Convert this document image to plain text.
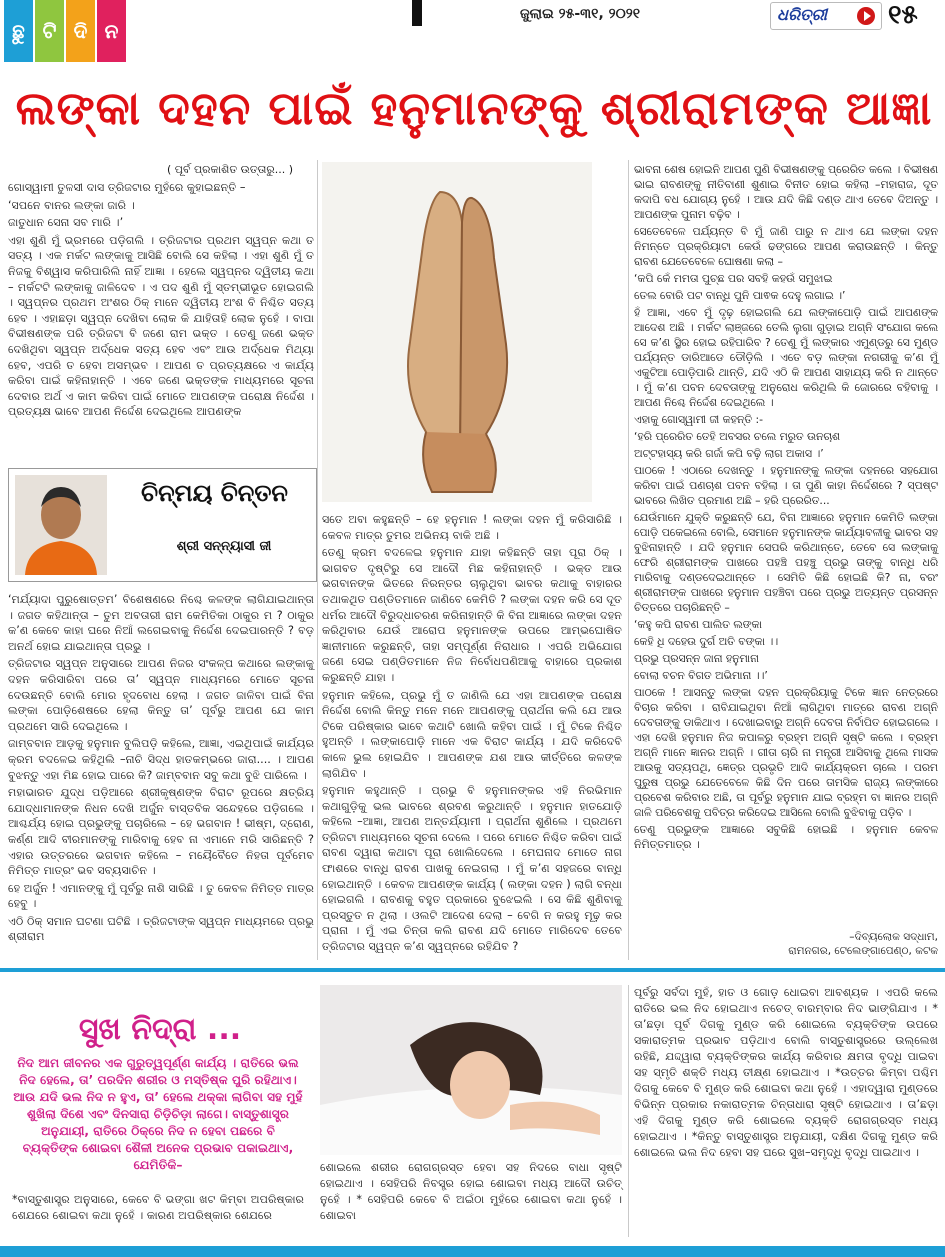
ଛୁ ଟି ଦି ନ
ଜୁଲାଇ ୨୫-୩୧, ୨୦୨୧	ଧରିତ୍ରୀ ୧୫
ଲଙ୍କା ଦହନ ପାଇଁ ହନୁମାନଙ୍କୁ ଶ୍ରୀରାମଙ୍କ ଆଜ୍ଞା
( ପୂର୍ବ ପ୍ରକାଶିତ ଉତ୍ତାରୁ... )

ଗୋସ୍ୱାମୀ ତୁଳସୀ ଦାସ ତ୍ରିଜଟାର ମୁହଁରେ କୁହାଇଛନ୍ତି –

‘ସପନେ ବାନର ଲଙ୍କା ଜାରି ।

ଜାତୁଧାନ ସେନା ସବ ମାରି ।’

ଏହା ଶୁଣି ମୁଁ ଭ୍ରମରେ ପଡ଼ିଗଲି । ତ୍ରିଜଟାର ପ୍ରଥମ ସ୍ୱପ୍ନ କଥା ତ ସତ୍ୟ । ଏକ ମର୍କଟ ଲଙ୍କାକୁ ଆସିଛି ବୋଲି ସେ କହିଲା । ଏହା ଶୁଣି ମୁଁ ତ ନିଜକୁ ବିଶ୍ୱାସ କରିପାରିଲି ନାହିଁ ଆଜ୍ଞା । ହେଲେ ସ୍ୱପ୍ନର ଦ୍ୱିତୀୟ କଥା – ମର୍କଟଟି ଲଙ୍କାକୁ ଜାଳିଦେବ । ଏ ପଦ ଶୁଣି ମୁଁ ସ୍ତମ୍ଭୀଭୂତ ହୋଇଗଲି । ସ୍ୱପ୍ନର ପ୍ରଥମ ଅଂଶର ଠିକ୍ ମାନେ ଦ୍ୱିତୀୟ ଅଂଶ ବି ନିଶ୍ଚିତ ସତ୍ୟ ହେବ । ଏହାଛଡ଼ା ସ୍ୱପ୍ନ ଦେଖିବା ଲୋକ କି ଯାହିତାହି ଲୋକ ନୁହେଁ । ବାପା ବିଭୀଷଣଙ୍କ ପରି ତ୍ରିଜଟା ବି ଜଣେ ରାମ ଭକ୍ତ । ତେଣୁ ଜଣେ ଭକ୍ତ ଦେଖିଥିବା ସ୍ୱପ୍ନ ଅର୍ଦ୍ଧେକ ସତ୍ୟ ହେବ ଏବଂ ଆଉ ଅର୍ଦ୍ଧେକ ମିଥ୍ୟା ହେବ, ଏପରି ତ ହେବା ଅସମ୍ଭବ । ଆପଣ ତ ପ୍ରତ୍ୟକ୍ଷରେ ଏ କାର୍ଯ୍ୟ କରିବା ପାଇଁ କହିନାହାନ୍ତି । ଏବେ ଜଣେ ଭକ୍ତଙ୍କ ମାଧ୍ୟମରେ ସୂଚନା ଦେବାର ଅର୍ଥ ଏ କାମ କରିବା ପାଇଁ ମୋତେ ଆପଣଙ୍କ ପରୋକ୍ଷ ନିର୍ଦ୍ଦେଶ । ପ୍ରତ୍ୟକ୍ଷ ଭାବେ ଆପଣ ନିର୍ଦ୍ଦେଶ ଦେଇଥିଲେ ଆପଣଙ୍କ

ଚିନ୍ମୟ ଚିନ୍ତନ
ଶ୍ରୀ ସନ୍ନ୍ୟାସୀ ଜୀ

‘ମର୍ଯ୍ୟାଦା ପୁରୁଷୋତ୍ତମ’ ବିଶେଷଣରେ ନିଶ୍ଚେ କଳଙ୍କ ଲାଗିଯାଇଥାନ୍ତା । ଜଗତ କହିଥାନ୍ତା – ତୁମ ଅବତାରୀ ରାମ କେମିତିକା ଠାକୁର ମ ? ଠାକୁର କ’ଣ କେବେ କାହା ଘରେ ନିଆଁ ଲଗେଇବାକୁ ନିର୍ଦ୍ଦେଶ ଦେଇପାରନ୍ତି ? ବଡ଼ ଅନର୍ଥ ହୋଇ ଯାଇଥାନ୍ତା ପ୍ରଭୁ ।

ତ୍ରିଜଟାର ସ୍ୱପ୍ନ ଅନୁସାରେ ଆପଣ ନିଜର ସଂକଳ୍ପ କଥାରେ ଲଙ୍କାକୁ ଦହନ କରିସାରିବା ପରେ ତା’ ସ୍ୱପ୍ନ ମାଧ୍ୟମରେ ମୋତେ ସୂଚନା ଦେଉଛନ୍ତି ବୋଲି ମୋର ହୃଦବୋଧ ହେଲା । ଜଗତ ଜାଳିବା ପାଇଁ ବିନା ଲଙ୍କା ପୋଡ଼ିଶେଷରେ ହେଲା କିନ୍ତୁ ତା’ ପୂର୍ବରୁ ଆପଣ ଯେ କାମ ପ୍ରଥମେ ସାରି ଦେଇଥିଲେ ।

ଜାମ୍ବବାନ ଆଡ଼କୁ ହନୁମାନ ବୁଲିପଡ଼ି କହିଲେ, ଆଜ୍ଞା, ଏଇଥିପାଇଁ କାର୍ଯ୍ୟର କ୍ରମ ବଦଳେଇ କହିଥିଲି –ନାଚି ସିଦ୍ଧ ହାତକମ୍ଭରେ ଜାରା.... । ଆପଣ ବୁଝନ୍ତୁ ଏହା ମିଛ ହୋଇ ପାରେ କି? ଜାମ୍ବବାନ ସବୁ କଥା ବୁଝି ପାରିଲେ ।

ମହାଭାରତ ଯୁଦ୍ଧ ପଡ଼ିଆରେ ଶ୍ରୀକୃଷ୍ଣଙ୍କ ବିରାଟ ରୂପରେ କ୍ଷତ୍ରିୟ ଯୋଦ୍ଧାମାନଙ୍କ ନିଧନ ଦେଖି ଅର୍ଜୁନ ବାସ୍ତବିକ ସନ୍ଦେହରେ ପଡ଼ିଗଲେ । ଆଶ୍ଚର୍ଯ୍ୟ ହୋଇ ପ୍ରଭୁଙ୍କୁ ପଚାରିଲେ – ହେ ଭଗବାନ ! ଭୀଷ୍ମ, ଦ୍ରୋଣ, କର୍ଣ୍ଣ ଆଦି ବୀରମାନଙ୍କୁ ମାରିବାକୁ ହେବ ନା ଏମାନେ ମରି ସାରିଛନ୍ତି ? ଏହାର ଉତ୍ତରରେ ଭଗବାନ କହିଲେ – ମୟୈବୈତେ ନିହତା ପୂର୍ବମେବ ନିମିତ୍ତ ମାତ୍ରଂ ଭବ ସବ୍ୟସାଚିନ ।

ହେ ଅର୍ଜୁନ ! ଏମାନଙ୍କୁ ମୁଁ ପୂର୍ବରୁ ନାଶି ସାରିଛି । ତୁ କେବଳ ନିମିତ୍ତ ମାତ୍ର ହେବୁ ।

ଏଠି ଠିକ୍ ସମାନ ଘଟଣା ଘଟିଛି । ତ୍ରିଜଟାଙ୍କ ସ୍ୱପ୍ନ ମାଧ୍ୟମରେ ପ୍ରଭୁ ଶ୍ରୀରାମ

ସତେ ଅବା କହୁଛନ୍ତି – ହେ ହନୁମାନ ! ଲଙ୍କା ଦହନ ମୁଁ କରିସାରିଛି । କେବଳ ମାତ୍ର ତୁମର ଅଭିନୟ ବାକି ଅଛି ।

ତେଣୁ କ୍ରମ ବଦଳେଇ ହନୁମାନ ଯାହା କହିଛନ୍ତି ତାହା ପୂରା ଠିକ୍ । ଭାଗବତ ଦୃଷ୍ଟିରୁ ସେ ଆଦୌ ମିଛ କହିନାହାନ୍ତି । ଭକ୍ତ ଆଉ ଭଗବାନଙ୍କ ଭିତରେ ନିରନ୍ତର ଚାଲୁଥିବା ଭାବର କଥାକୁ ବାହାରର ତଥାକଥିତ ପଣ୍ଡିତମାନେ ଜାଣିବେ କେମିତି ? ଲଙ୍କା ଦହନ କରି ସେ ଦୂତ ଧର୍ମର ଆଦୌ ବିରୁଦ୍ଧାଚରଣ କରିନାହାନ୍ତି କି ବିନା ଆଜ୍ଞାରେ ଲଙ୍କା ଦହନ କରିଥିବାର ଯେଉଁ ଆରୋପ ହନୁମାନଙ୍କ ଉପରେ ଆମ୍ଭଘୋଷିତ ଜ୍ଞାନୀମାନେ କରୁଛନ୍ତି, ତାହା ସମ୍ପୂର୍ଣ୍ଣ ନିରାଧାର । ଏପରି ଅଭିଯୋଗ ଜଣେ ସେଇ ପଣ୍ଡିତମାନେ ନିଜ ନିର୍ବୋଧପଣିଆକୁ ବାହାରେ ପ୍ରକାଶ କରୁଛନ୍ତି ଯାହା ।

ହନୁମାନ କହିଲେ, ପ୍ରଭୁ ମୁଁ ତ ଜାଣିଲି ଯେ ଏହା ଆପଣଙ୍କ ପରୋକ୍ଷ ନିର୍ଦ୍ଦେଶ ବୋଲି କିନ୍ତୁ ମନେ ମନେ ଆପଣଙ୍କୁ ପ୍ରାର୍ଥନା କଲି ଯେ ଆଉ ଟିକେ ପରିଷ୍କାର ଭାବେ କଥାଟି ଖୋଲି କହିବା ପାଇଁ । ମୁଁ ଟିକେ ନିଶ୍ଚିତ ହୁଅନ୍ତି । ଲଙ୍କାପୋଡ଼ି ମାନେ ଏକ ବିରାଟ କାର୍ଯ୍ୟ । ଯଦି କରିଦେବି କାଳେ ଭୁଲ ହୋଇଯିବ । ଆପଣଙ୍କ ଯଶ ଆଉ କୀର୍ତ୍ତିରେ କଳଙ୍କ ଲାଗିଯିବ ।

ହନୁମାନ କହୁଥାନ୍ତି । ପ୍ରଭୁ ବି ହନୁମାନଙ୍କର ଏହି ନିରଭିମାନ କଥାଗୁଡ଼ିକୁ ଭଲ ଭାବରେ ଶ୍ରବଣ କରୁଥାନ୍ତି । ହନୁମାନ ହାତଯୋଡ଼ି କହିଲେ –ଆଜ୍ଞା, ଆପଣ ଅନ୍ତର୍ଯ୍ୟାମୀ । ପ୍ରାର୍ଥନା ଶୁଣିଲେ । ପ୍ରଥମେ ତ୍ରିଜଟା ମାଧ୍ୟମରେ ସୂଚନା ଦେଲେ । ପରେ ମୋତେ ନିଶ୍ଚିତ କରିବା ପାଇଁ ରାବଣ ଦ୍ୱାରା କଥାଟା ପୂରା ଖୋଲିଦେଲେ । ମେଘନାଦ ମୋତେ ନାଗ ଫାଶରେ ବାନ୍ଧି ରାବଣ ପାଖକୁ ନେଇଗଲା । ମୁଁ କ’ଣ ସହଜରେ ବାନ୍ଧି ହୋଇଥାନ୍ତି । କେବଳ ଆପଣଙ୍କ କାର୍ଯ୍ୟ ( ଲଙ୍କା ଦହନ ) ଲାଗି ବନ୍ଧା ହୋଇଗଲି । ରାବଣକୁ ବହୁତ ପ୍ରକାରେ ବୁଝେଇଲି । ସେ କିଛି ଶୁଣିବାକୁ ପ୍ରସ୍ତୁତ ନ ଥିଲା । ଓଲଟି ଆଦେଶ ଦେଲା – ବେଗି ନ କରହୁ ମୂଢ଼ କର ପ୍ରାନା । ମୁଁ ଏଇ ଚିନ୍ତା କଲି ରାବଣ ଯଦି ମୋତେ ମାରିଦେବ ତେବେ ତ୍ରିଜଟାର ସ୍ୱପ୍ନ କ’ଣ ସ୍ୱପ୍ନରେ ରହିଯିବ ?

ଭାବନା ଶେଷ ହୋଇନି ଆପଣ ପୁଣି ବିଭୀଷଣଙ୍କୁ ପ୍ରେରିତ କଲେ । ବିଭୀଷଣ ଭାଇ ରାବଣଙ୍କୁ ନୀତିବାଣୀ ଶୁଣାଇ ବିନୀତ ହୋଇ କହିଲା –ମହାରାଜ, ଦୂତ କଦାପି ବଧ ଯୋଗ୍ୟ ନୁହେଁ । ଆଉ ଯଦି କିଛି ଦଣ୍ଡ ଥାଏ ତେବେ ଦିଅନ୍ତୁ । ଆପଣଙ୍କ ପୁନାମ ବଢ଼ିବ ।

ସେତେବେଳେ ପର୍ଯ୍ୟନ୍ତ ବି ମୁଁ ଜାଣି ପାରୁ ନ ଥାଏ ଯେ ଲଙ୍କା ଦହନ ନିମନ୍ତେ ପ୍ରକ୍ରିୟାଟା କେଉଁ ଢଙ୍ଗରେ ଆପଣ କରାଉଛନ୍ତି । କିନ୍ତୁ ରାବଣ ଯେତେବେଳେ ଘୋଷଣା କଲା –

‘କପି କେଁ ମମତା ପୁଚ୍ଛ ପର ସବହି କହଉଁ ସମୁଝାଇ

ତେଲ ବୋରି ପଟ ବାନ୍ଧି ପୁନି ପାଵକ ଦେହୁ ଲଗାଇ ।’

ହଁ ଆଜ୍ଞା, ଏବେ ମୁଁ ଦୃଢ଼ ହୋଇଗଲି ଯେ ଲଙ୍କାପୋଡ଼ି ପାଇଁ ଆପଣଙ୍କ ଆଦେଶ ଅଛି । ମର୍କଟ ଲାଞ୍ଜରେ ତେଲି ଲୁଗା ଗୁଡ଼ାଇ ଅଗ୍ନି ସଂଯୋଗ କଲେ ସେ କ’ଣ ସ୍ଥିର ହୋଇ ରହିପାରିବ ? ତେଣୁ ମୁଁ ଲଙ୍କାର ଏମୁଣ୍ଡରୁ ସେ ମୁଣ୍ଡ ପର୍ଯ୍ୟନ୍ତ ଡାରିଆଡେ ଡୌଡ଼ିଲି । ଏତେ ବଡ଼ ଲଙ୍କା ନଗରୀକୁ କ’ଣ ମୁଁ ଏକୁଟିଆ ପୋଡ଼ିପାରି ଥାନ୍ତି, ଯଦି ଏଠି କି ଆପଣ ସାହାଯ୍ୟ କରି ନ ଥାନ୍ତେ । ମୁଁ କ’ଣ ପବନ ଦେବତାଙ୍କୁ ଅନୁରୋଧ କରିଥିଲି କି ଜୋରରେ ବହିବାକୁ । ଆପଣ ନିଶ୍ଚେ ନିର୍ଦ୍ଦେଶ ଦେଇଥିଲେ ।

ଏହାକୁ ଗୋସ୍ୱାମୀ ଜୀ କହନ୍ତି :-

‘ହରି ପ୍ରେରିତ ତେହି ଅବସର ଚଲେ ମରୁତ ଉନଚାଶ

ଅଟ୍ଟହାସ୍ୟ କରି ଗର୍ଜା କପି ବଢ଼ି ଲାଗ ଅକାସ ।’

ପାଠକେ ! ଏଠାରେ ଦେଖନ୍ତୁ । ହନୁମାନଙ୍କୁ ଲଙ୍କା ଦହନରେ ସହଯୋଗ କରିବା ପାଇଁ ପଣଚାଶ ପବନ ବହିଲା । ତା ପୁଣି କାହା ନିର୍ଦ୍ଦେଶରେ ? ସ୍ପଷ୍ଟ ଭାବରେ ଲିଖିତ ପ୍ରମାଣ ଅଛି – ହରି ପ୍ରେରିତ...

ଯେଉଁମାନେ ଯୁକ୍ତି କରୁଛନ୍ତି ଯେ, ବିନା ଆଜ୍ଞାରେ ହନୁମାନ କେମିତି ଲଙ୍କା ପୋଡ଼ି ପକେଇଲେ ବୋଲି, ସେମାନେ ହନୁମାନଙ୍କ କାର୍ଯ୍ୟାବଳୀକୁ ଭାବର ସହ ବୁଝିନାହାନ୍ତି । ଯଦି ହନୁମାନ ସେପରି କରିଥାନ୍ତେ, ତେବେ ସେ ଲଙ୍କାକୁ ଫେରି ଶ୍ରୀରାମଙ୍କ ପାଖରେ ପହଞ୍ଚି ପହଞ୍ଚୁ ପ୍ରଭୁ ତାଙ୍କୁ ବାନ୍ଧି ଧରି ମାରିବାକୁ ଦଣ୍ଡଦେଇଥାନ୍ତେ । ସେମିତି କିଛି ହୋଇଛି କି? ନା, ବରଂ ଶ୍ରୀରାମଙ୍କ ପାଖରେ ହନୁମାନ ପହଞ୍ଚିବା ପରେ ପ୍ରଭୁ ଅତ୍ୟନ୍ତ ପ୍ରସନ୍ନ ଚିତ୍ତରେ ପଚାରିଛନ୍ତି –

‘କହୁ କପି ରାବଣ ପାଲିତ ଲଙ୍କା

କେହି ଧି ଦହେଉ ଦୁର୍ଗ ଅତି ବଙ୍କା ।।

ପ୍ରଭୁ ପ୍ରସନ୍ନ ଜାନା ହନୁମାନା

ବୋଲା ବଚନ ବିଗତ ଅଭିମାନା ।।’

ପାଠକେ ! ଆସନ୍ତୁ ଲଙ୍କା ଦହନ ପ୍ରକ୍ରିୟାକୁ ଟିକେ ଜ୍ଞାନ ନେତ୍ରରେ ବିଚାର କରିବା । ରାବିଯାଇଥିବା ନିଆଁ ଲାଗିଥିବା ମାତ୍ରେ ରାବଣ ଅଗ୍ନି ଦେବତାଙ୍କୁ ଡାକିଥାଏ । ଦେଖାଇବାରୁ ଅଗ୍ନି ଦେବତା ନିର୍ବାପିତ ହୋଇଗଲେ । ଏହା ଦେଖି ହନୁମାନ ନିଜ କପାଳରୁ ବ୍ରହ୍ମ ଅଗ୍ନି ସୃଷ୍ଟି କଲେ । ବ୍ରହ୍ମ ଅଗ୍ନି ମାନେ ଜ୍ଞାନର ଅଗ୍ନି । ଗୀତା ଚାରି ନା ମନ୍ତ୍ରୀ ଆସିବାକୁ ଥିଲେ ମାସକ ଆଉକୁ ସତ୍ୟପଥି, ଜ୍ଞେତ୍ର ପ୍ରଭୃତି ଆଦି କାର୍ଯ୍ୟକ୍ରମ ଚାଲେ । ପରମ ପୁରୁଷ ପ୍ରଭୁ ଯେତେବେଳେ କିଛି ଦିନ ପରେ ତାମସିକ ରାଜ୍ୟ ଲଙ୍କାରେ ପ୍ରବେଶ କରିବାର ଅଛି, ତା ପୂର୍ବରୁ ହନୁମାନ ଯାଇ ବ୍ରହ୍ମ ବା ଜ୍ଞାନର ଅଗ୍ନି ଜାଳି ପରିବେଶକୁ ପବିତ୍ର କରିଦେଇ ଆସିଲେ ବୋଲି ବୁଝିବାକୁ ପଡ଼ିବ ।

ତେଣୁ ପ୍ରଭୁଙ୍କ ଆଜ୍ଞାରେ ସବୁକିଛି ହୋଇଛି । ହନୁମାନ କେବଳ ନିମିତ୍ତମାତ୍ର ।

–ଦିବ୍ୟଲୋକ ସଦ୍ଧାମ,
ରାମନଗର, ଟେଲେଙ୍ଗାପେଣ୍ଠ, କଟକ
ସୁଖ ନିଦ୍ରା ...
ନିଦ ଆମ ଜୀବନର ଏକ ଗୁରୁତ୍ୱପୂର୍ଣ୍ଣ କାର୍ଯ୍ୟ । ରାତିରେ ଭଲ ନିଦ ହେଲେ, ତା’ ପରଦିନ ଶରୀର ଓ ମସ୍ତିଷ୍କ ପୁରି ରହିଥାଏ। ଆଉ ଯଦି ଭଲ ନିଦ ନ ହୁଏ, ତା’ ହେଲେ ଥକ୍କା ଲାଗିବା ସହ ମୁହଁ ଶୁଖିଲା ଦିଶେ ଏବଂ ଦିନସାରା ଚିଡ଼ିଚିଡ଼ା ଲାଗେ। ବାସ୍ତୁଶାସ୍ତ୍ର ଅନୁଯାୟୀ, ରାତିରେ ଠିକ୍‌ରେ ନିଦ ନ ହେବା ପଛରେ ବି ବ୍ୟକ୍ତିଙ୍କ ଶୋଇବା ଶୈଳୀ ଅନେକ ପ୍ରଭାବ ପକାଇଥାଏ, ଯେମିତିକି–
*ବାସ୍ତୁଶାସ୍ତ୍ର ଅନୁସାରେ, କେବେ ବି ଭଙ୍ଗା ଖଟ କିମ୍ବା ଅପରିଷ୍କାର ଶେଯରେ ଶୋଇବା କଥା ନୁହେଁ । କାରଣ ଅପରିଷ୍କାର ଶେଯରେ
ଶୋଇଲେ ଶରୀର ରୋଗଗ୍ରସ୍ତ ହେବା ସହ ନିଦରେ ବାଧା ସୃଷ୍ଟି ହୋଇଥାଏ । ସେହିପରି ନିବସ୍ତ୍ର ହୋଇ ଶୋଇବା ମଧ୍ୟ ଆଦୌ ଉଚିତ୍ ନୁହେଁ । * ସେହିପରି କେବେ ବି ଅଇଁଠା ମୁହଁରେ ଶୋଇବା କଥା ନୁହେଁ । ଶୋଇବା
ପୂର୍ବରୁ ସର୍ବଦା ମୁହଁ, ହାତ ଓ ଗୋଡ଼ ଧୋଇବା ଆବଶ୍ୟକ । ଏପରି କଲେ ରାତିରେ ଭଲ ନିଦ ହୋଇଥାଏ ନଚେତ୍ ବାରମ୍ବାର ନିଦ ଭାଙ୍ଗିଯାଏ । * ତା’ଛଡ଼ା ପୂର୍ବ ଦିଗକୁ ମୁଣ୍ଡ କରି ଶୋଇଲେ ବ୍ୟକ୍ତିଙ୍କ ଉପରେ ସକାରାତ୍ମକ ପ୍ରଭାବ ପଡ଼ିଥାଏ ବୋଲି ବାସ୍ତୁଶାସ୍ତ୍ରରେ ଉଲ୍ଲେଖ ରହିଛି, ଯଦ୍ଦ୍ୱାରା ବ୍ୟକ୍ତିଙ୍କର କାର୍ଯ୍ୟ କରିବାର କ୍ଷମତା ବୃଦ୍ଧି ପାଇବା ସହ ସ୍ମୃତି ଶକ୍ତି ମଧ୍ୟ ତୀକ୍ଷ୍ଣ ହୋଇଥାଏ । *ଉତ୍ତର କିମ୍ବା ପଶ୍ଚିମ ଦିଗକୁ କେବେ ବି ମୁଣ୍ଡ କରି ଶୋଇବା କଥା ନୁହେଁ । ଏହାଦ୍ୱାରା ମୁଣ୍ଡରେ ବିଭିନ୍ନ ପ୍ରକାର ନକାରାତ୍ମକ ଚିନ୍ତାଧାରା ସୃଷ୍ଟି ହୋଇଥାଏ । ତା’ଛଡ଼ା ଏହି ଦିଗକୁ ମୁଣ୍ଡ କରି ଶୋଇଲେ ବ୍ୟକ୍ତି ରୋଗଗ୍ରସ୍ତ ମଧ୍ୟ ହୋଇଥାଏ । *କିନ୍ତୁ ବାସ୍ତୁଶାସ୍ତ୍ର ଅନୁଯାୟୀ, ଦକ୍ଷିଣ ଦିଗକୁ ମୁଣ୍ଡ କରି ଶୋଇଲେ ଭଲ ନିଦ ହେବା ସହ ଘରେ ସୁଖ–ସମୃଦ୍ଧି ବୃଦ୍ଧି ପାଇଥାଏ ।
